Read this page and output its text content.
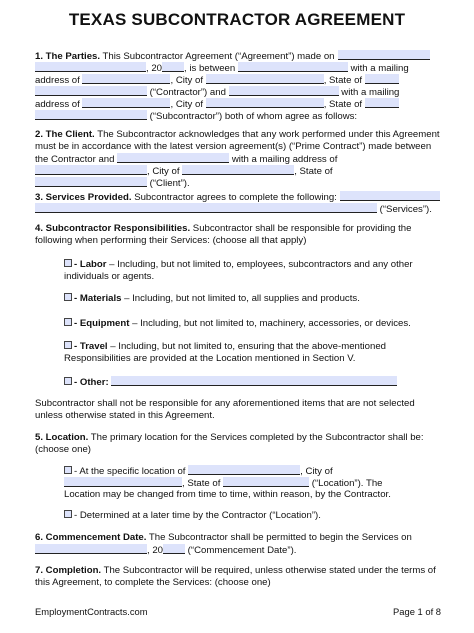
TEXAS SUBCONTRACTOR AGREEMENT
1. The Parties. This Subcontractor Agreement (“Agreement”) made on
, 20 , is between	with a mailing
address of	, City of	, State of
(“Contractor”) and	with a mailing
address of	, City of	, State of
(“Subcontractor”) both of whom agree as follows:
2. The Client. The Subcontractor acknowledges that any work performed under this Agreement
must be in accordance with the latest version agreement(s) (“Prime Contract”) made between
the Contractor and	with a mailing address of
, City of	, State of
(“Client”).
3. Services Provided. Subcontractor agrees to complete the following:
(“Services”).
4. Subcontractor Responsibilities. Subcontractor shall be responsible for providing the
following when performing their Services: (choose all that apply)
- Labor – Including, but not limited to, employees, subcontractors and any other
individuals or agents.
- Materials – Including, but not limited to, all supplies and products.
- Equipment – Including, but not limited to, machinery, accessories, or devices.
- Travel – Including, but not limited to, ensuring that the above-mentioned
Responsibilities are provided at the Location mentioned in Section V.
- Other:
Subcontractor shall not be responsible for any aforementioned items that are not selected
unless otherwise stated in this Agreement.
5. Location. The primary location for the Services completed by the Subcontractor shall be:
(choose one)
- At the specific location of	, City of
, State of	(“Location”). The
Location may be changed from time to time, within reason, by the Contractor.
- Determined at a later time by the Contractor (“Location”).
6. Commencement Date. The Subcontractor shall be permitted to begin the Services on
, 20 (“Commencement Date”).
7. Completion. The Subcontractor will be required, unless otherwise stated under the terms of
this Agreement, to complete the Services: (choose one)
EmploymentContracts.com	Page 1 of 8
